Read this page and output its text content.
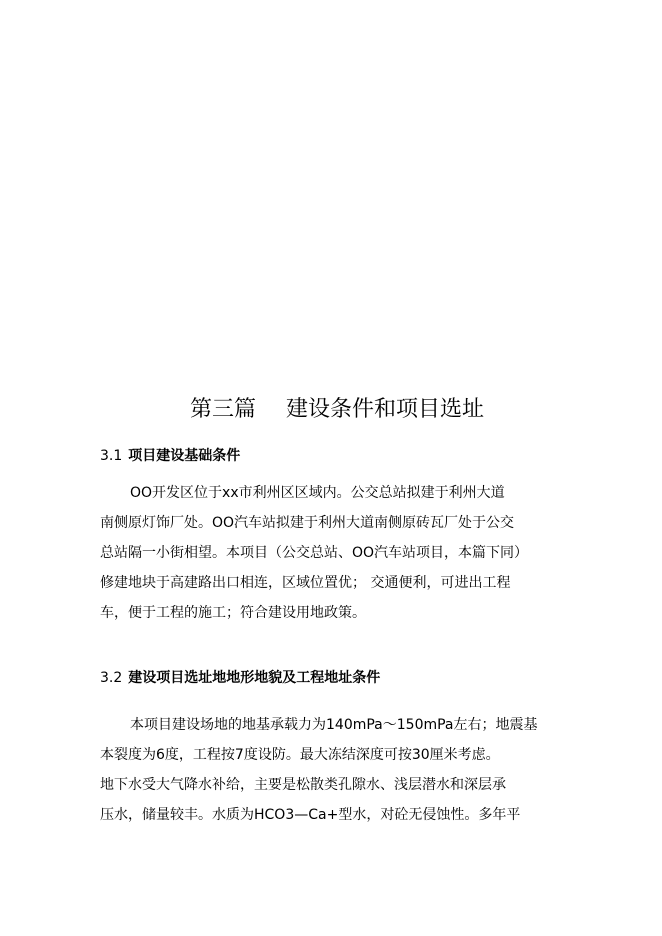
第三篇 建设条件和项目选址
3.1 项目建设基础条件
OO开发区位于xx市利州区区域内。公交总站拟建于利州大道
南侧原灯饰厂处。OO汽车站拟建于利州大道南侧原砖瓦厂处于公交
总站隔一小街相望。本项目（公交总站、OO汽车站项目，本篇下同）
修建地块于高建路出口相连，区域位置优； 交通便利，可进出工程
车，便于工程的施工；符合建设用地政策。
3.2 建设项目选址地地形地貌及工程地址条件
本项目建设场地的地基承载力为140mPa～150mPa左右；地震基
本裂度为6度，工程按7度设防。最大冻结深度可按30厘米考虑。
地下水受大气降水补给，主要是松散类孔隙水、浅层潜水和深层承
压水，储量较丰。水质为HCO3—Ca+型水，对砼无侵蚀性。多年平
